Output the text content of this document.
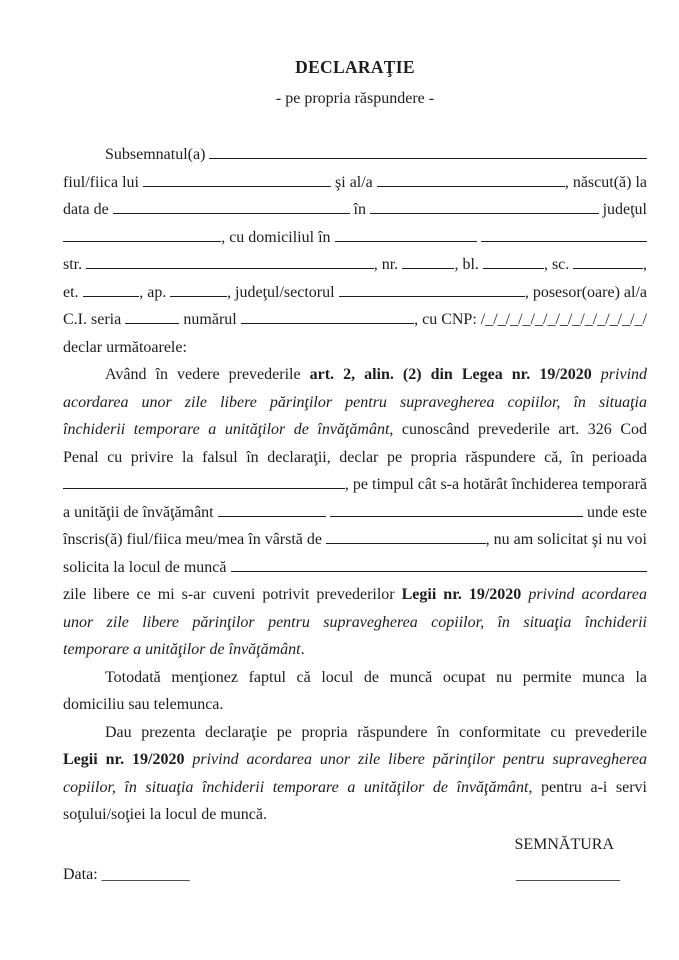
DECLARAŢIE
- pe propria răspundere -
Subsemnatul(a)
fiul/fiica lui	şi al/a	, născut(ă) la
data de	în	judeţul
, cu domiciliul în
str.	, nr.	, bl.	, sc.	,
et.	, ap.	, judeţul/sectorul	, posesor(oare) al/a
C.I. seria	numărul	, cu CNP: /_/_/_/_/_/_/_/_/_/_/_/_/_/
declar următoarele:
Având în vedere prevederile art. 2, alin. (2) din Legea nr. 19/2020 privind
acordarea unor zile libere părinţilor pentru supravegherea copiilor, în situaţia
închiderii temporare a unităţilor de învăţământ, cunoscând prevederile art. 326 Cod
Penal cu privire la falsul în declaraţii, declar pe propria răspundere că, în perioada
, pe timpul cât s-a hotărât închiderea temporară
a unităţii de învăţământ	unde este
înscris(ă) fiul/fiica meu/mea în vârstă de	, nu am solicitat şi nu voi
solicita la locul de muncă
zile libere ce mi s-ar cuveni potrivit prevederilor Legii nr. 19/2020 privind acordarea
unor zile libere părinţilor pentru supravegherea copiilor, în situaţia închiderii
temporare a unităţilor de învăţământ.
Totodată menţionez faptul că locul de muncă ocupat nu permite munca la
domiciliu sau telemunca.
Dau prezenta declaraţie pe propria răspundere în conformitate cu prevederile
Legii nr. 19/2020 privind acordarea unor zile libere părinţilor pentru supravegherea
copiilor, în situaţia închiderii temporare a unităţilor de învăţământ, pentru a-i servi
soţului/soţiei la locul de muncă.
SEMNĂTURA
Data: ___________	_____________
